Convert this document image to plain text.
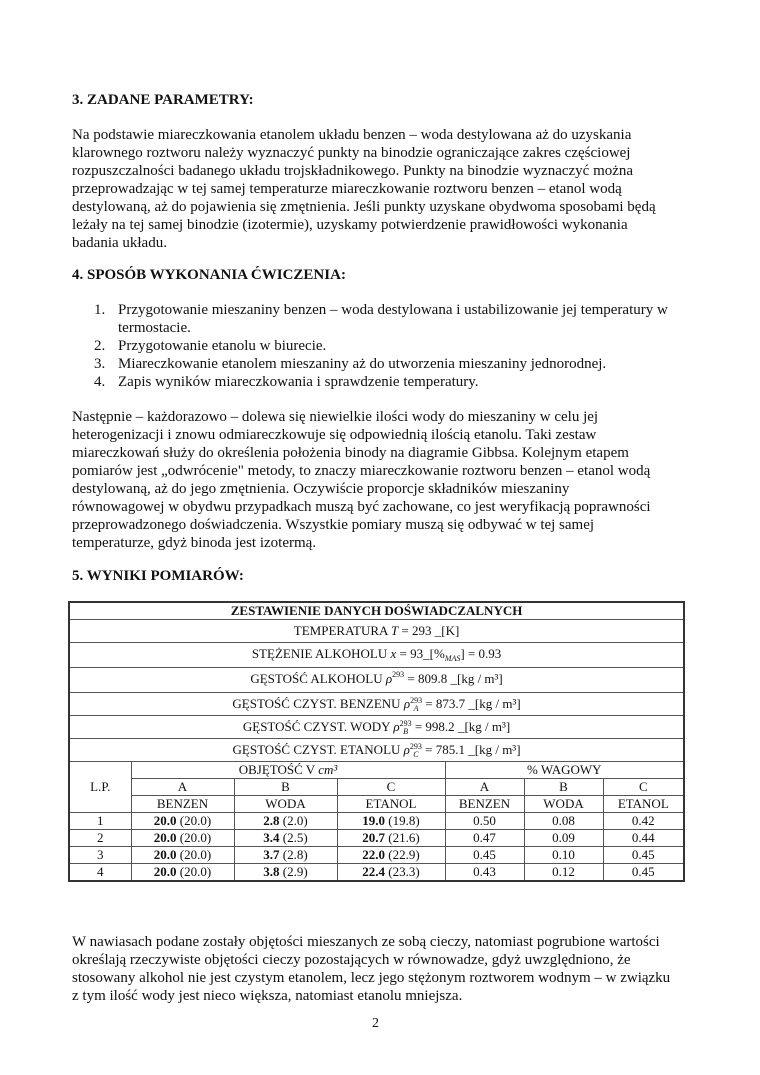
3. ZADANE PARAMETRY:

Na podstawie miareczkowania etanolem układu benzen – woda destylowana aż do uzyskania
klarownego roztworu należy wyznaczyć punkty na binodzie ograniczające zakres częściowej
rozpuszczalności badanego układu trojskładnikowego. Punkty na binodzie wyznaczyć można
przeprowadzając w tej samej temperaturze miareczkowanie roztworu benzen – etanol wodą
destylowaną, aż do pojawienia się zmętnienia. Jeśli punkty uzyskane obydwoma sposobami będą
leżały na tej samej binodzie (izotermie), uzyskamy potwierdzenie prawidłowości wykonania
badania układu.

4. SPOSÓB WYKONANIA ĆWICZENIA:
1. Przygotowanie mieszaniny benzen – woda destylowana i ustabilizowanie jej temperatury w
termostacie.
2. Przygotowanie etanolu w biurecie.
3. Miareczkowanie etanolem mieszaniny aż do utworzenia mieszaniny jednorodnej.
4. Zapis wyników miareczkowania i sprawdzenie temperatury.

Następnie – każdorazowo – dolewa się niewielkie ilości wody do mieszaniny w celu jej
heterogenizacji i znowu odmiareczkowuje się odpowiednią ilością etanolu. Taki zestaw
miareczkowań służy do określenia położenia binody na diagramie Gibbsa. Kolejnym etapem
pomiarów jest „odwrócenie" metody, to znaczy miareczkowanie roztworu benzen – etanol wodą
destylowaną, aż do jego zmętnienia. Oczywiście proporcje składników mieszaniny
równowagowej w obydwu przypadkach muszą być zachowane, co jest weryfikacją poprawności
przeprowadzonego doświadczenia. Wszystkie pomiary muszą się odbywać w tej samej
temperaturze, gdyż binoda jest izotermą.

5. WYNIKI POMIARÓW:
ZESTAWIENIE DANYCH DOŚWIADCZALNYCH						
TEMPERATURA T = 293 _[K]						
STĘŻENIE ALKOHOLU $x = 93\_[\%_{MAS}] = 0.93$						
GĘSTOŚĆ ALKOHOLU $\rho^{293} = 809.8$ _[kg / m³]						
GĘSTOŚĆ CZYST. BENZENU ρ 293
A = 873.7 _[kg / m³]						
GĘSTOŚĆ CZYST. WODY ρ 293
B = 998.2 _[kg / m³]						
GĘSTOŚĆ CZYST. ETANOLU ρ 293
C = 785.1 _[kg / m³]						
L.P.	OBJĘTOŚĆ V cm³			% WAGOWY		
	A	B	C	A	B	C
	BENZEN	WODA	ETANOL	BENZEN	WODA	ETANOL
1	20.0 (20.0)	2.8 (2.0)	19.0 (19.8)	0.50	0.08	0.42
2	20.0 (20.0)	3.4 (2.5)	20.7 (21.6)	0.47	0.09	0.44
3	20.0 (20.0)	3.7 (2.8)	22.0 (22.9)	0.45	0.10	0.45
4	20.0 (20.0)	3.8 (2.9)	22.4 (23.3)	0.43	0.12	0.45

W nawiasach podane zostały objętości mieszanych ze sobą cieczy, natomiast pogrubione wartości
określają rzeczywiste objętości cieczy pozostających w równowadze, gdyż uwzględniono, że
stosowany alkohol nie jest czystym etanolem, lecz jego stężonym roztworem wodnym – w związku
z tym ilość wody jest nieco większa, natomiast etanolu mniejsza.

2
